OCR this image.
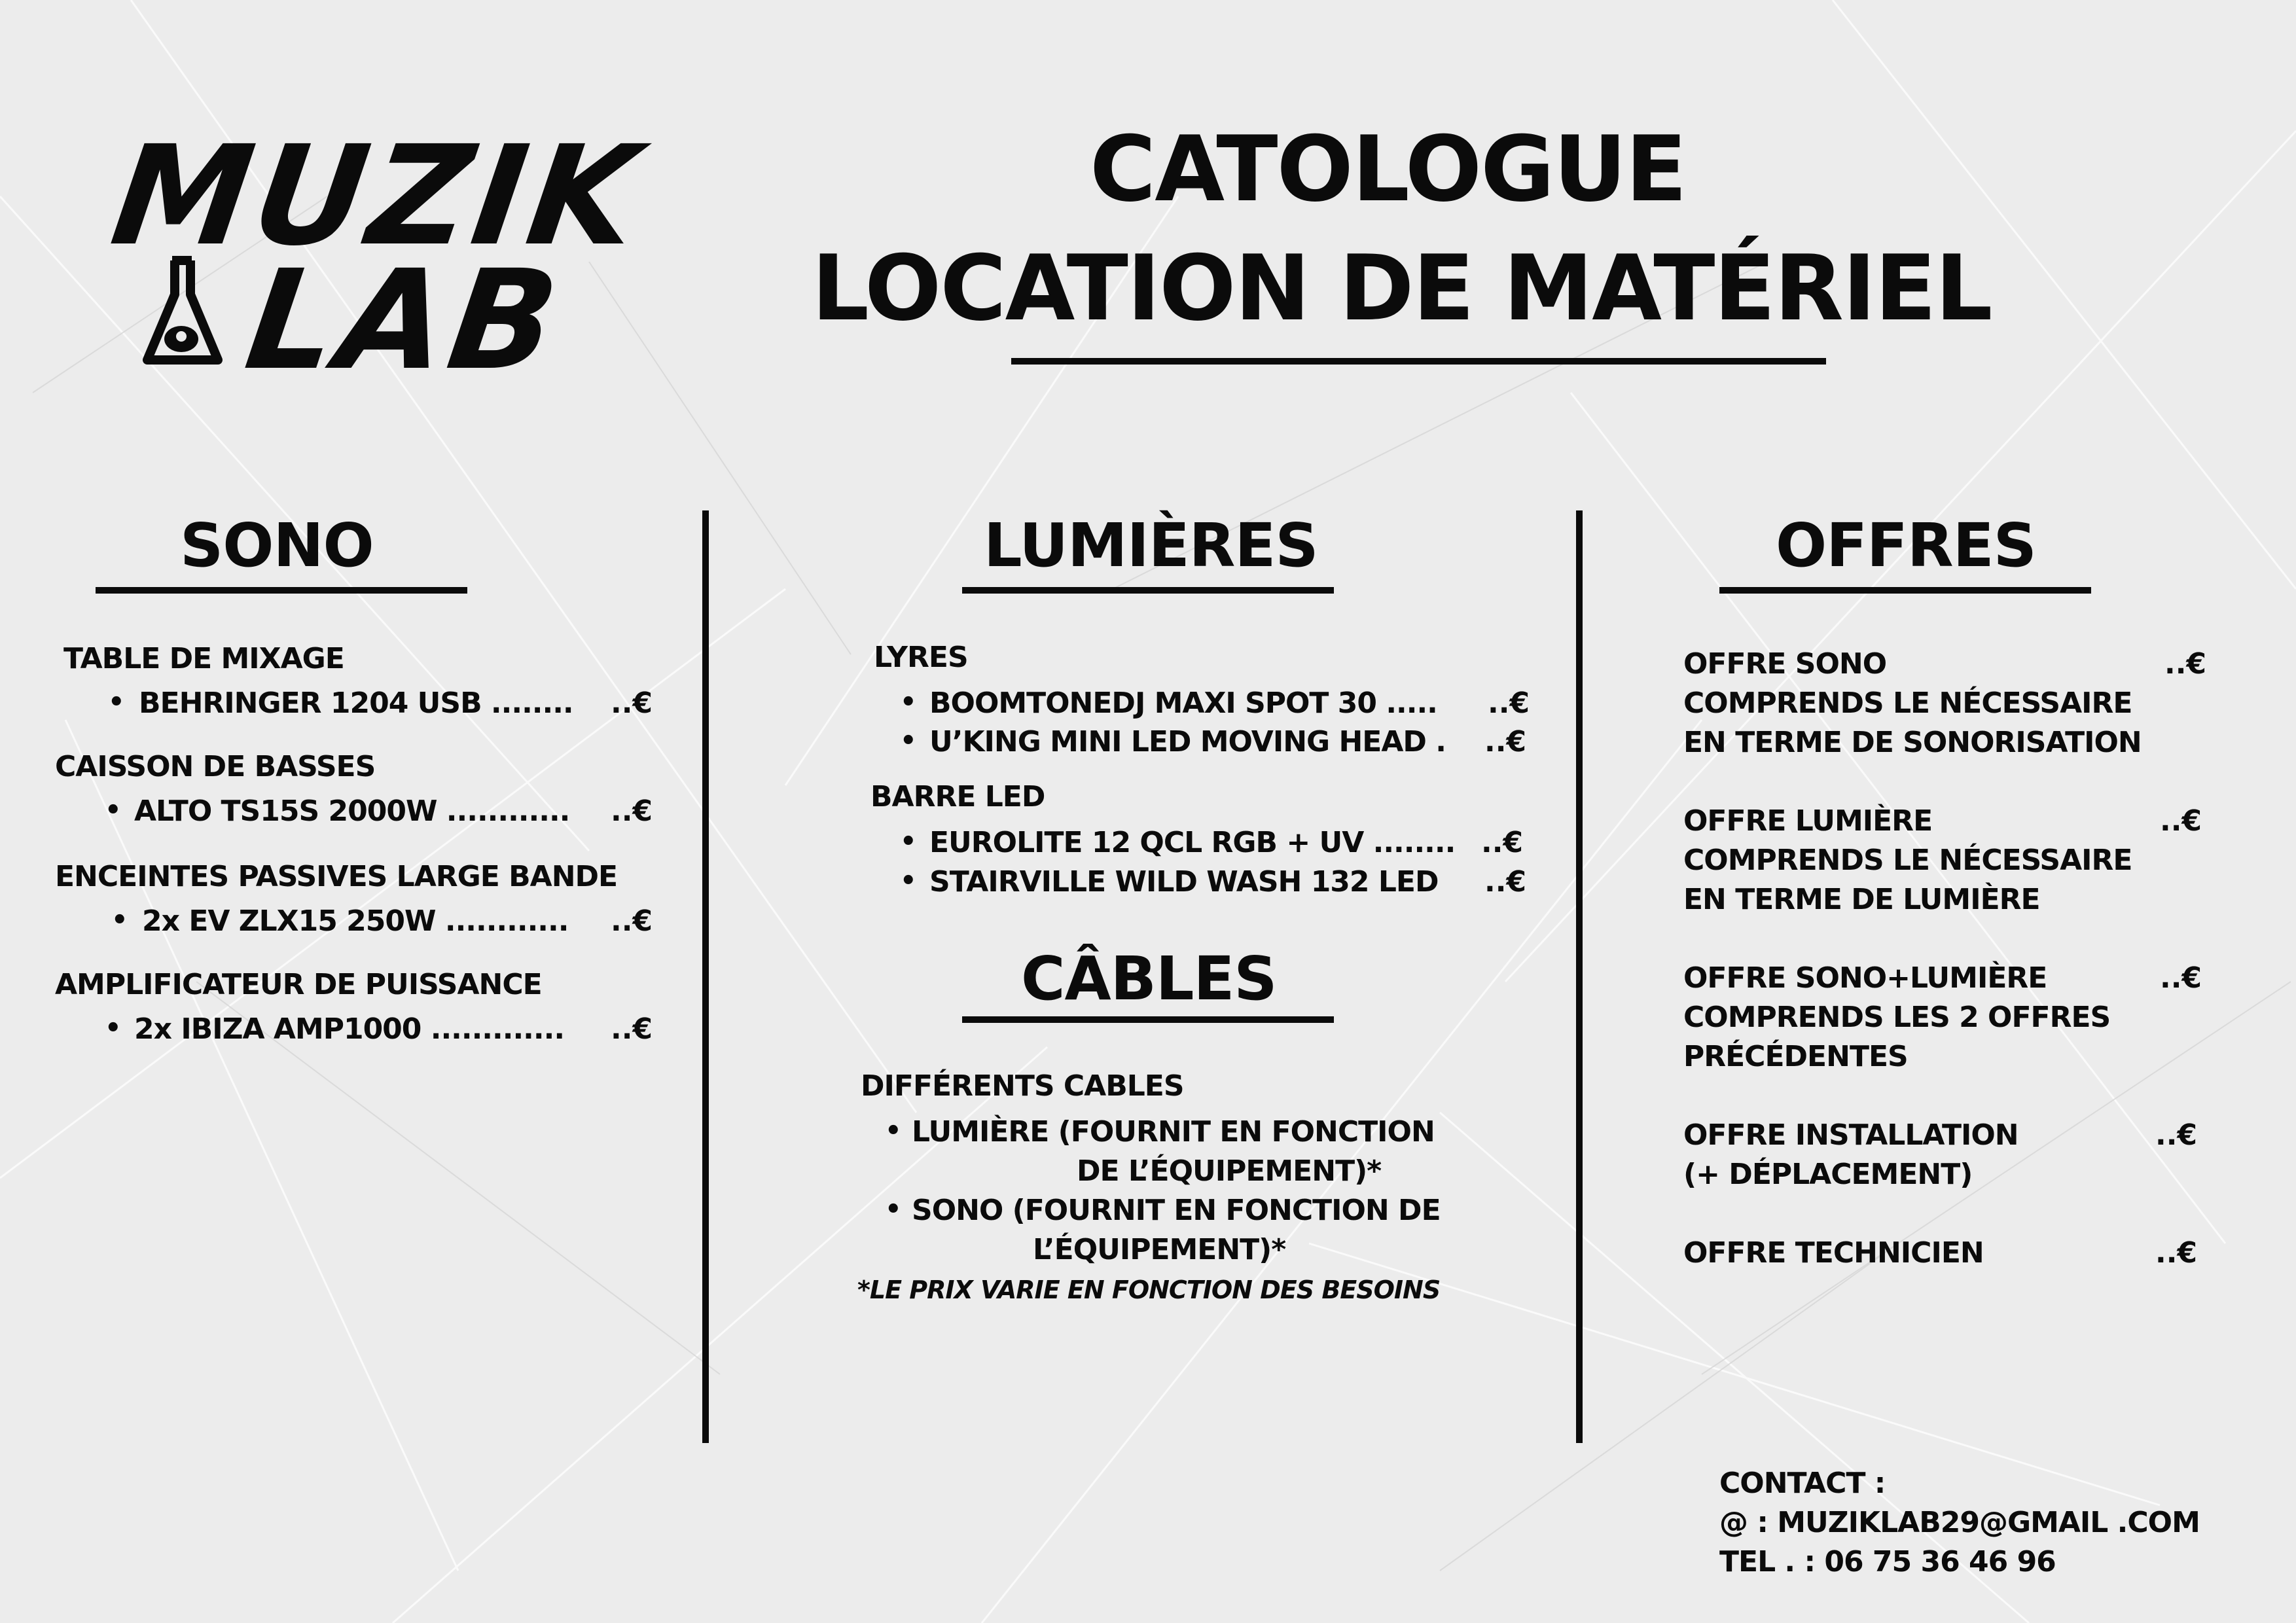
MUZIK
LAB
CATOLOGUE
LOCATION DE MATÉRIEL
SONO
TABLE DE MIXAGE
• BEHRINGER 1204 USB ........ ..€
CAISSON DE BASSES
• ALTO TS15S 2000W ............ ..€
ENCEINTES PASSIVES LARGE BANDE
• 2x EV ZLX15 250W ............ ..€
AMPLIFICATEUR DE PUISSANCE
• 2x IBIZA AMP1000 ............. ..€
LUMIÈRES
LYRES
• BOOMTONEDJ MAXI SPOT 30 ..... ..€
• U’KING MINI LED MOVING HEAD . ..€
BARRE LED
• EUROLITE 12 QCL RGB + UV ........ ..€
• STAIRVILLE WILD WASH 132 LED ..€
CÂBLES
DIFFÉRENTS CABLES
• LUMIÈRE (FOURNIT EN FONCTION
DE L’ÉQUIPEMENT)*
• SONO (FOURNIT EN FONCTION DE
L’ÉQUIPEMENT)*
*LE PRIX VARIE EN FONCTION DES BESOINS
OFFRES
OFFRE SONO	..€
COMPRENDS LE NÉCESSAIRE
EN TERME DE SONORISATION
OFFRE LUMIÈRE	..€
COMPRENDS LE NÉCESSAIRE
EN TERME DE LUMIÈRE
OFFRE SONO+LUMIÈRE	..€
COMPRENDS LES 2 OFFRES
PRÉCÉDENTES
OFFRE INSTALLATION	..€
(+ DÉPLACEMENT)
OFFRE TECHNICIEN	..€
CONTACT :
@ : MUZIKLAB29@GMAIL .COM
TEL . : 06 75 36 46 96
